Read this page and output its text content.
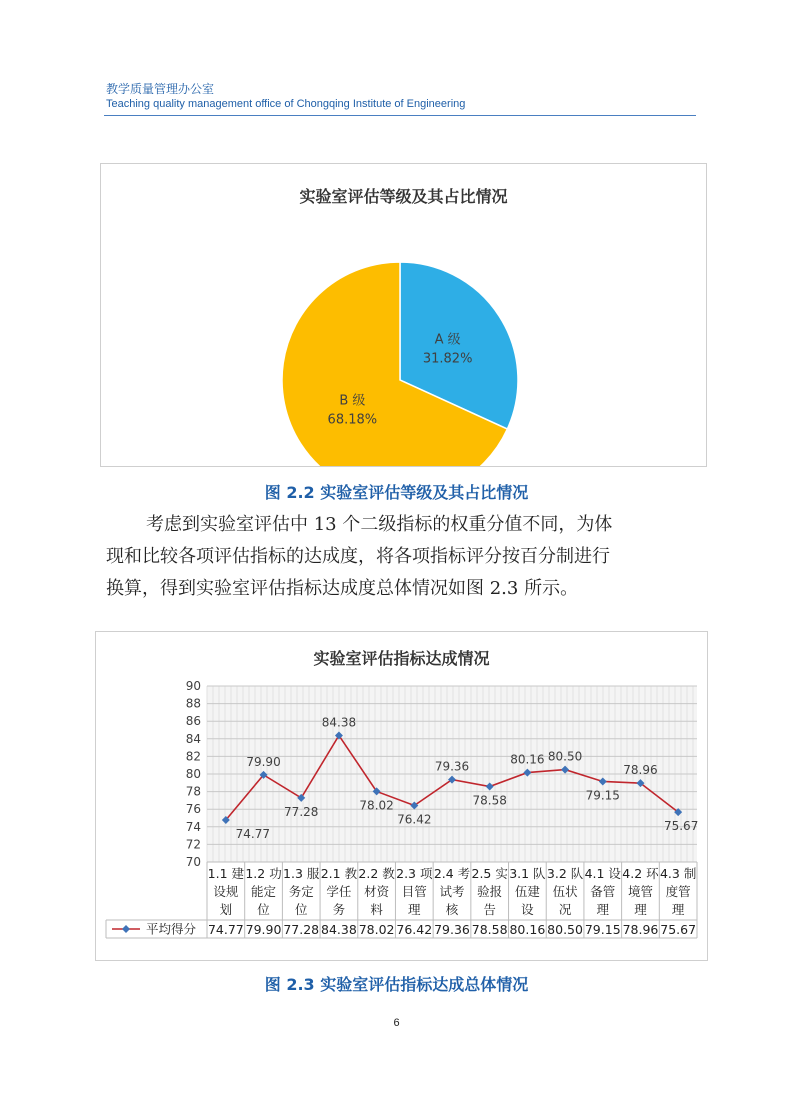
教学质量管理办公室
Teaching quality management office of Chongqing Institute of Engineering
实验室评估等级及其占比情况
A 级
31.82%
B 级
68.18%
图 2.2 实验室评估等级及其占比情况
考虑到实验室评估中 13 个二级指标的权重分值不同，为体
现和比较各项评估指标的达成度，将各项指标评分按百分制进行
换算，得到实验室评估指标达成度总体情况如图 2.3 所示。
实验室评估指标达成情况
70
72
74
76
78
80
82
84
86
88
90
1.1 建
设规
划
1.2 功
能定
位
1.3 服
务定
位
2.1 教
学任
务
2.2 教
材资
料
2.3 项
目管
理
2.4 考
试考
核
2.5 实
验报
告
3.1 队
伍建
设
3.2 队
伍状
况
4.1 设
备管
理
4.2 环
境管
理
4.3 制
度管
理
平均得分 74.77 79.90 77.28 84.38 78.02 76.42 79.36 78.58 80.16 80.50 79.15 78.96 75.67
74.77
79.90
77.28
84.38
78.02
76.42
79.36
78.58
80.16 80.50
79.15
78.96
75.67
图 2.3 实验室评估指标达成总体情况
6
